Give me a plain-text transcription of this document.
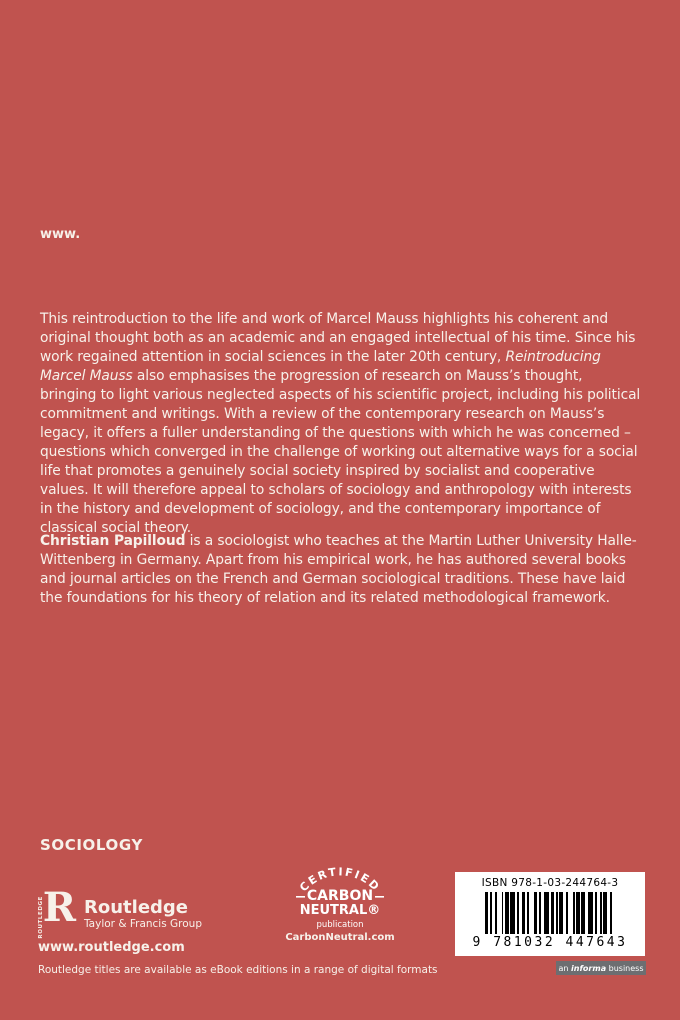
www.

This reintroduction to the life and work of Marcel Mauss highlights his coherent and original thought both as an academic and an engaged intellectual of his time. Since his work regained attention in social sciences in the later 20th century, Reintroducing Marcel Mauss also emphasises the progression of research on Mauss’s thought, bringing to light various neglected aspects of his scientific project, including his political commitment and writings. With a review of the contemporary research on Mauss’s legacy, it offers a fuller understanding of the questions with which he was concerned – questions which converged in the challenge of working out alternative ways for a social life that promotes a genuinely social society inspired by socialist and cooperative values. It will therefore appeal to scholars of sociology and anthropology with interests in the history and development of sociology, and the contemporary importance of classical social theory.

Christian Papilloud is a sociologist who teaches at the Martin Luther University Halle-Wittenberg in Germany. Apart from his empirical work, he has authored several books and journal articles on the French and German sociological traditions. These have laid the foundations for his theory of relation and its related methodological framework.

SOCIOLOGY
ROUTLEDGE
R Routledge
Taylor & Francis Group
www.routledge.com
Routledge titles are available as eBook editions in a range of digital formats
CERTIFIED
CARBON
NEUTRAL®
publication
CarbonNeutral.com
ISBN 978-1-03-244764-3
9 781032 447643
an informa business
